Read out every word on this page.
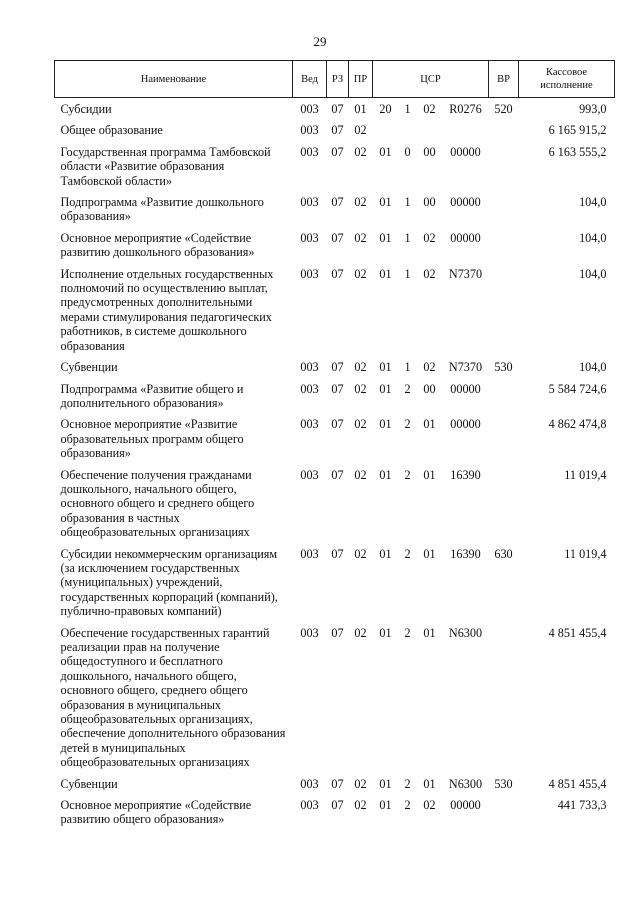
29
Наименование	Вед	РЗ	ПР	ЦСР				ВР	Кассовое исполнение
Субсидии	003	07	01	20	1	02	R0276	520	993,0
Общее образование	003	07	02						6 165 915,2
Государственная программа Тамбовской области «Развитие образования Тамбовской области»	003	07	02	01	0	00	00000		6 163 555,2
Подпрограмма «Развитие дошкольного образования»	003	07	02	01	1	00	00000		104,0
Основное мероприятие «Содействие развитию дошкольного образования»	003	07	02	01	1	02	00000		104,0
Исполнение отдельных государственных полномочий по осуществлению выплат, предусмотренных дополнительными мерами стимулирования педагогических работников, в системе дошкольного образования	003	07	02	01	1	02	N7370		104,0
Субвенции	003	07	02	01	1	02	N7370	530	104,0
Подпрограмма «Развитие общего и дополнительного образования»	003	07	02	01	2	00	00000		5 584 724,6
Основное мероприятие «Развитие образовательных программ общего образования»	003	07	02	01	2	01	00000		4 862 474,8
Обеспечение получения гражданами дошкольного, начального общего, основного общего и среднего общего образования в частных общеобразовательных организациях	003	07	02	01	2	01	16390		11 019,4
Субсидии некоммерческим организациям (за исключением государственных (муниципальных) учреждений, государственных корпораций (компаний), публично-правовых компаний)	003	07	02	01	2	01	16390	630	11 019,4
Обеспечение государственных гарантий реализации прав на получение общедоступного и бесплатного дошкольного, начального общего, основного общего, среднего общего образования в муниципальных общеобразовательных организациях, обеспечение дополнительного образования детей в муниципальных общеобразовательных организациях	003	07	02	01	2	01	N6300		4 851 455,4
Субвенции	003	07	02	01	2	01	N6300	530	4 851 455,4
Основное мероприятие «Содействие развитию общего образования»	003	07	02	01	2	02	00000		441 733,3
